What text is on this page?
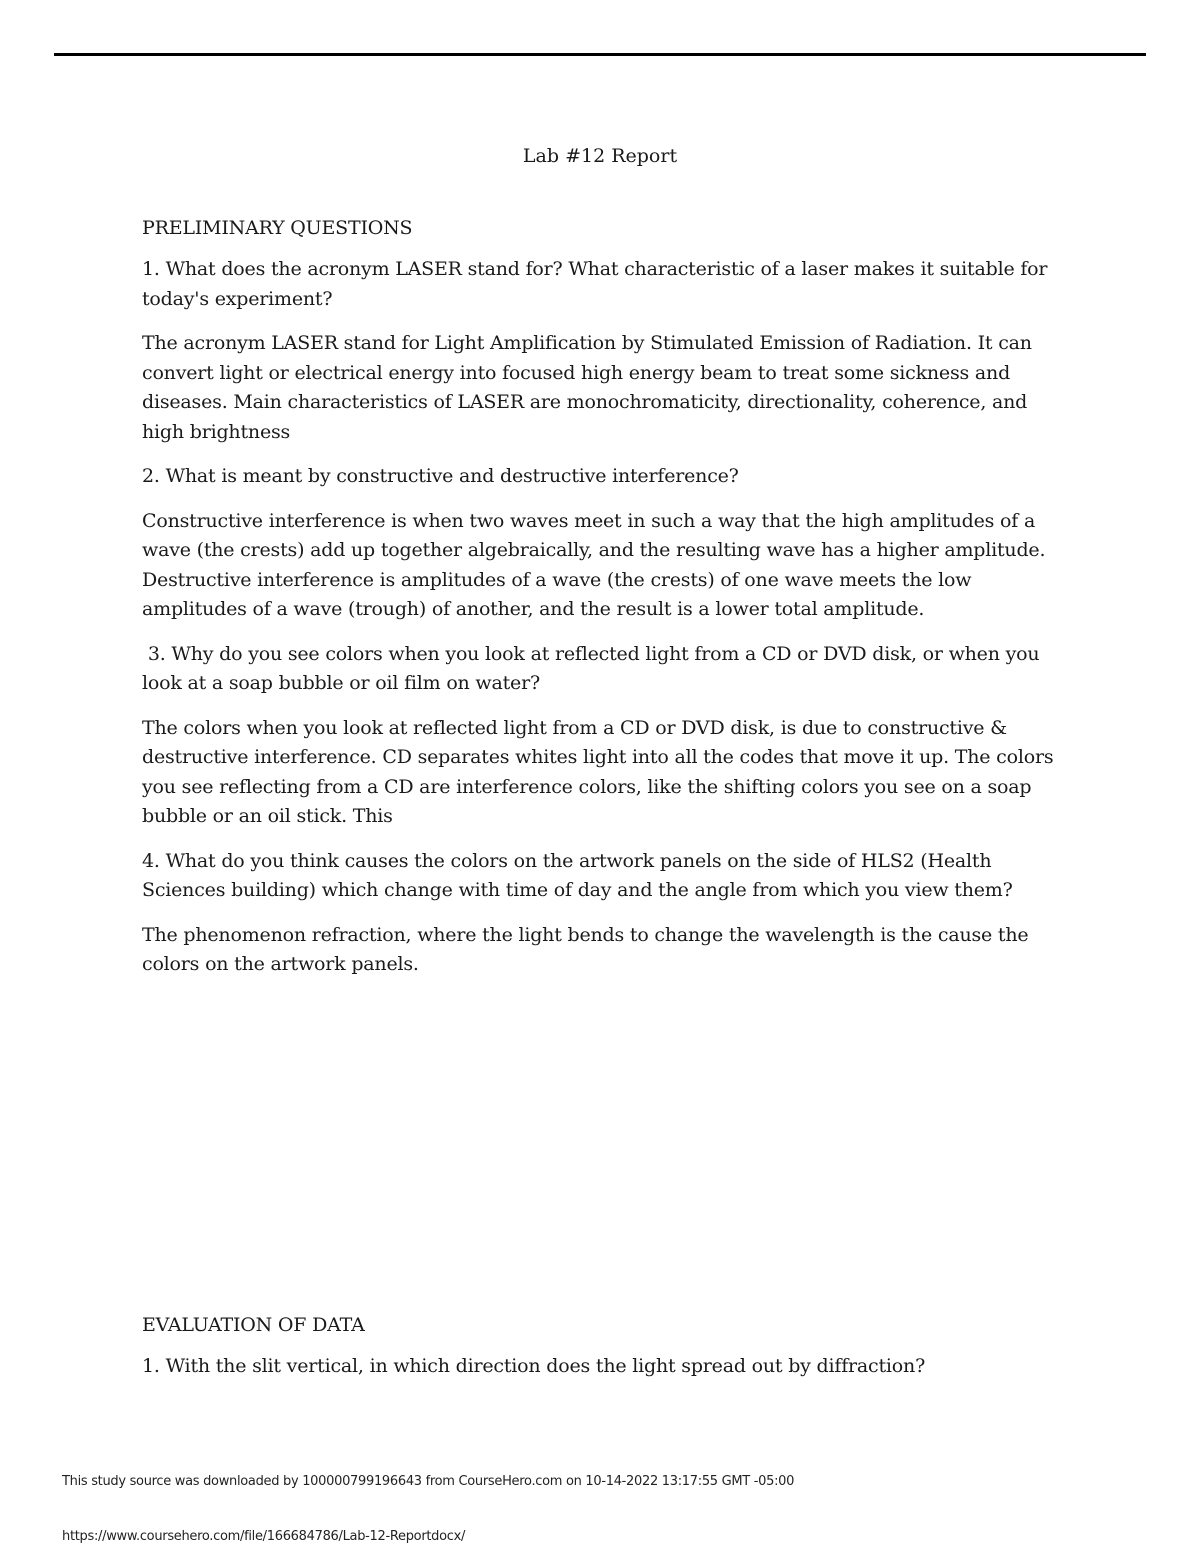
Lab #12 Report
PRELIMINARY QUESTIONS

1. What does the acronym LASER stand for? What characteristic of a laser makes it suitable for today's experiment?

The acronym LASER stand for Light Amplification by Stimulated Emission of Radiation. It can convert light or electrical energy into focused high energy beam to treat some sickness and diseases. Main characteristics of LASER are monochromaticity, directionality, coherence, and high brightness

2. What is meant by constructive and destructive interference?

Constructive interference is when two waves meet in such a way that the high amplitudes of a wave (the crests) add up together algebraically, and the resulting wave has a higher amplitude. Destructive interference is amplitudes of a wave (the crests) of one wave meets the low amplitudes of a wave (trough) of another, and the result is a lower total amplitude.

3. Why do you see colors when you look at reflected light from a CD or DVD disk, or when you look at a soap bubble or oil film on water?

The colors when you look at reflected light from a CD or DVD disk, is due to constructive & destructive interference. CD separates whites light into all the codes that move it up. The colors you see reflecting from a CD are interference colors, like the shifting colors you see on a soap bubble or an oil stick. This

4. What do you think causes the colors on the artwork panels on the side of HLS2 (Health Sciences building) which change with time of day and the angle from which you view them?

The phenomenon refraction, where the light bends to change the wavelength is the cause the colors on the artwork panels.

EVALUATION OF DATA

1. With the slit vertical, in which direction does the light spread out by diffraction?

This study source was downloaded by 100000799196643 from CourseHero.com on 10-14-2022 13:17:55 GMT -05:00
https://www.coursehero.com/file/166684786/Lab-12-Reportdocx/
